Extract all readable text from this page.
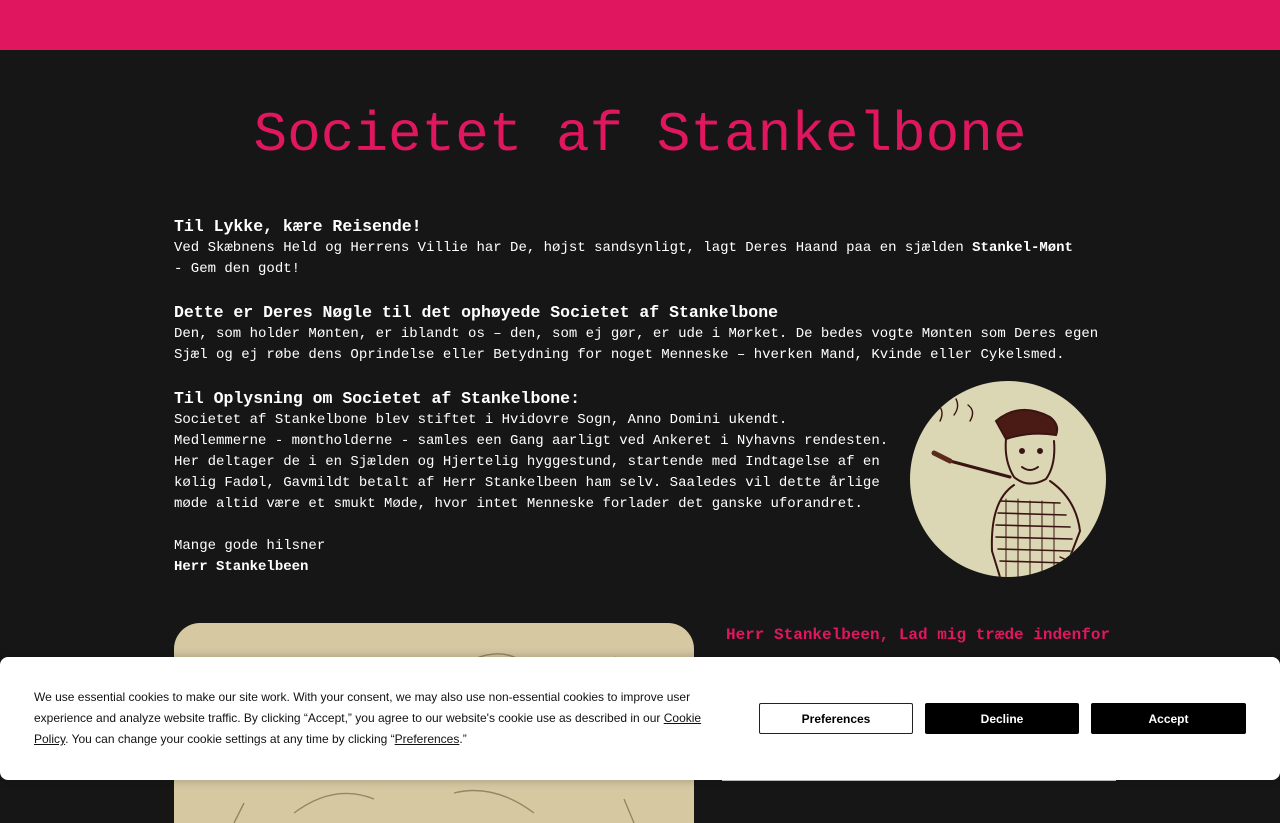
Societet af Stankelbone

Til Lykke, kære Reisende!

Ved Skæbnens Held og Herrens Villie har De, højst sandsynligt, lagt Deres Haand paa en sjælden Stankel-Mønt
- Gem den godt!

Dette er Deres Nøgle til det ophøyede Societet af Stankelbone

Den, som holder Mønten, er iblandt os – den, som ej gør, er ude i Mørket. De bedes vogte Mønten som Deres egen

Sjæl og ej røbe dens Oprindelse eller Betydning for noget Menneske – hverken Mand, Kvinde eller Cykelsmed.

Til Oplysning om Societet af Stankelbone:

Societet af Stankelbone blev stiftet i Hvidovre Sogn, Anno Domini ukendt.

Medlemmerne - møntholderne - samles een Gang aarligt ved Ankeret i Nyhavns rendesten.

Her deltager de i en Sjælden og Hjertelig hyggestund, startende med Indtagelse af en

kølig Fadøl, Gavmildt betalt af Herr Stankelbeen ham selv. Saaledes vil dette årlige

møde altid være et smukt Møde, hvor intet Menneske forlader det ganske uforandret.

Mange gode hilsner

Herr Stankelbeen

Herr Stankelbeen, Lad mig træde indenfor
We use essential cookies to make our site work. With your consent, we may also use non-essential cookies to improve user experience and analyze website traffic. By clicking “Accept,” you agree to our website's cookie use as described in our Cookie Policy. You can change your cookie settings at any time by clicking “Preferences.”
Preferences	Decline	Accept
